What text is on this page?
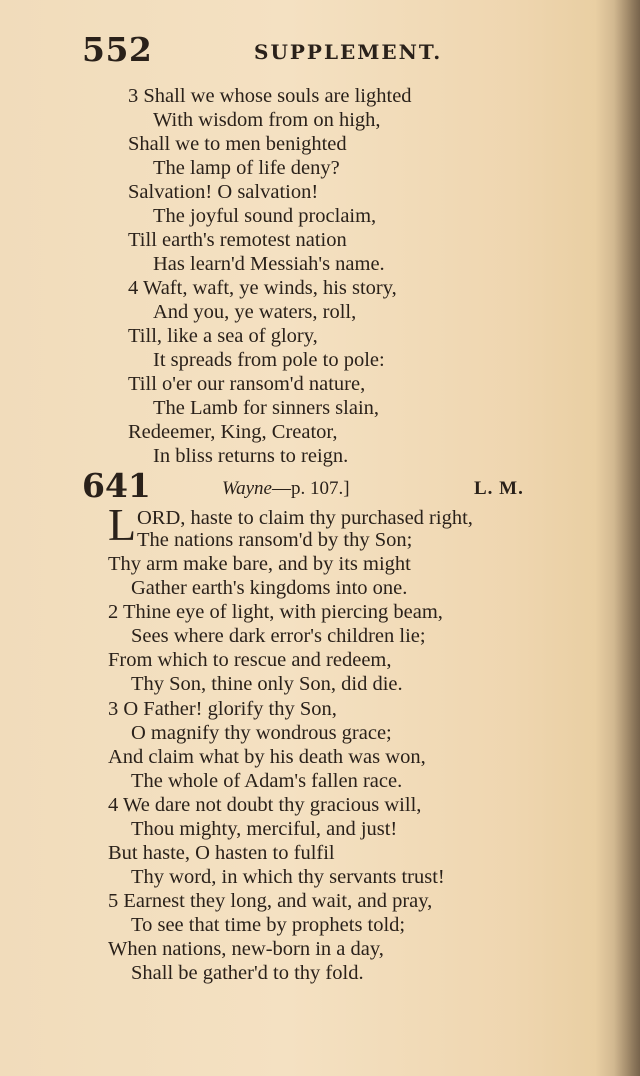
552	SUPPLEMENT.
3 Shall we whose souls are lighted
With wisdom from on high,
Shall we to men benighted
The lamp of life deny?
Salvation! O salvation!
The joyful sound proclaim,
Till earth's remotest nation
Has learn'd Messiah's name.
4 Waft, waft, ye winds, his story,
And you, ye waters, roll,
Till, like a sea of glory,
It spreads from pole to pole:
Till o'er our ransom'd nature,
The Lamb for sinners slain,
Redeemer, King, Creator,
In bliss returns to reign.
641	Wayne—p. 107.]	L. M.
L ORD, haste to claim thy purchased right,
The nations ransom'd by thy Son;
Thy arm make bare, and by its might
Gather earth's kingdoms into one.
2 Thine eye of light, with piercing beam,
Sees where dark error's children lie;
From which to rescue and redeem,
Thy Son, thine only Son, did die.
3 O Father! glorify thy Son,
O magnify thy wondrous grace;
And claim what by his death was won,
The whole of Adam's fallen race.
4 We dare not doubt thy gracious will,
Thou mighty, merciful, and just!
But haste, O hasten to fulfil
Thy word, in which thy servants trust!
5 Earnest they long, and wait, and pray,
To see that time by prophets told;
When nations, new-born in a day,
Shall be gather'd to thy fold.
